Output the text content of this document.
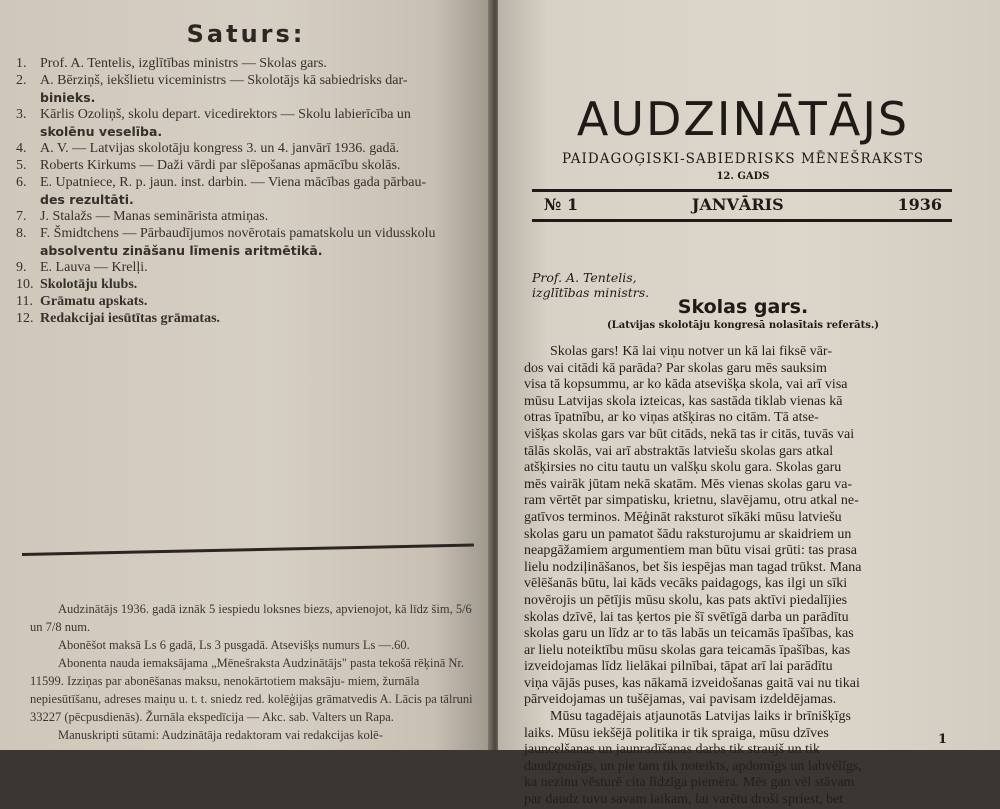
Saturs:
1. Prof. A. Tentelis, izglītības ministrs — Skolas gars.
2. A. Bērziņš, iekšlietu viceministrs — Skolotājs kā sabiedrisks dar-
binieks.
3. Kārlis Ozoliņš, skolu depart. vicedirektors — Skolu labierīcība un
skolēnu veselība.
4. A. V. — Latvijas skolotāju kongress 3. un 4. janvārī 1936. gadā.
5. Roberts Kirkums — Daži vārdi par slēpošanas apmācību skolās.
6. E. Upatniece, R. p. jaun. inst. darbin. — Viena mācības gada pārbau-
des rezultāti.
7. J. Stalažs — Manas seminārista atmiņas.
8. F. Šmidtchens — Pārbaudījumos novērotais pamatskolu un vidusskolu
absolventu zināšanu līmenis aritmētikā.
9. E. Lauva — Krelļi.
10. Skolotāju klubs.
11. Grāmatu apskats.
12. Redakcijai iesūtītas grāmatas.

Audzinātājs 1936. gadā iznāk 5 iespiedu loksnes biezs, apvienojot, kā līdz šim, 5/6 un 7/8 num.

Abonēšot maksā Ls 6 gadā, Ls 3 pusgadā. Atsevišķs numurs Ls —.60.

Abonenta nauda iemaksājama „Mēnešraksta Audzinātājs" pasta tekošā rēķinā Nr. 11599. Izziņas par abonēšanas maksu, nenokārtotiem maksāju- miem, žurnāla nepiesūtīšanu, adreses maiņu u. t. t. sniedz red. kolēģijas grāmatvedis A. Lācis pa tālruni 33227 (pēcpusdienās). Žurnāla ekspedīcija — Akc. sab. Valters un Rapa.

Manuskripti sūtami: Audzinātāja redaktoram vai redakcijas kolē-

AUDZINĀTĀJS
PAIDAGOĢISKI-SABIEDRISKS MĒNEŠRAKSTS
12. GADS
№ 1	JANVĀRIS	1936
Prof. A. Tentelis,
izglītības ministrs.
Skolas gars.
(Latvijas skolotāju kongresā nolasītais referāts.)
Skolas gars! Kā lai viņu notver un kā lai fiksē vār-
dos vai citādi kā parāda? Par skolas garu mēs sauksim
visa tā kopsummu, ar ko kāda atsevišķa skola, vai arī visa
mūsu Latvijas skola izteicas, kas sastāda tiklab vienas kā
otras īpatnību, ar ko viņas atšķiras no citām. Tā atse-
višķas skolas gars var būt citāds, nekā tas ir citās, tuvās vai
tālās skolās, vai arī abstraktās latviešu skolas gars atkal
atšķirsies no citu tautu un valšķu skolu gara. Skolas garu
mēs vairāk jūtam nekā skatām. Mēs vienas skolas garu va-
ram vērtēt par simpatisku, krietnu, slavējamu, otru atkal ne-
gatīvos terminos. Mēģināt raksturot sīkāki mūsu latviešu
skolas garu un pamatot šādu raksturojumu ar skaidriem un
neapgāžamiem argumentiem man būtu visai grūti: tas prasa
lielu nodziļināšanos, bet šis iespējas man tagad trūkst. Mana
vēlēšanās būtu, lai kāds vecāks paidagogs, kas ilgi un sīki
novērojis un pētījis mūsu skolu, kas pats aktīvi piedalījies
skolas dzīvē, lai tas ķertos pie šī svētīgā darba un parādītu
skolas garu un līdz ar to tās labās un teicamās īpašības, kas
ar lielu noteiktību mūsu skolas gara teicamās īpašības, kas
izveidojamas līdz lielākai pilnībai, tāpat arī lai parādītu
viņa vājās puses, kas nākamā izveidošanas gaitā vai nu tikai
pārveidojamas un tušējamas, vai pavisam izdeldējamas.
Mūsu tagadējais atjaunotās Latvijas laiks ir brīnišķīgs
laiks. Mūsu iekšējā politika ir tik spraiga, mūsu dzīves
jauncelšanas un jaunradīšanas darbs tik straujš un tik
daudzpusīgs, un pie tam tik noteikts, apdomīgs un labvēlīgs,
ka nezinu vēsturē cita līdzīga piemēra. Mēs gan vēl stāvam
par daudz tuvu savam laikam, lai varētu droši spriest, bet
1
